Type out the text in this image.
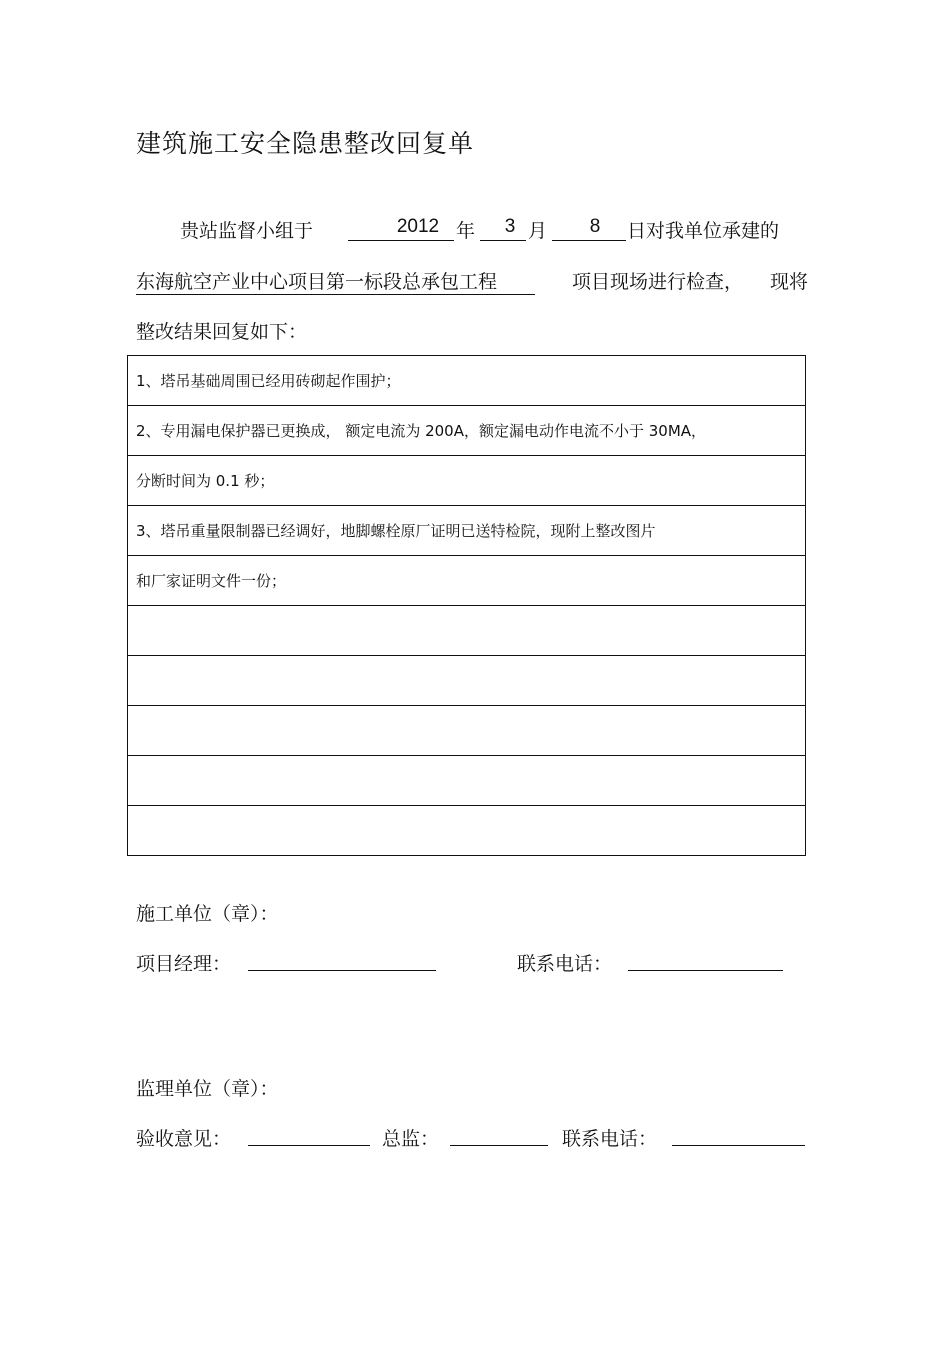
建筑施工安全隐患整改回复单
贵站监督小组于	2012 年	3 月	8	日对我单位承建的
东海航空产业中心项目第一标段总承包工程	项目现场进行检查， 现将
整改结果回复如下：
1、塔吊基础周围已经用砖砌起作围护；
2、专用漏电保护器已更换成， 额定电流为 200A，额定漏电动作电流不小于 30MA，
分断时间为 0.1 秒；
3、塔吊重量限制器已经调好，地脚螺栓原厂证明已送特检院，现附上整改图片
和厂家证明文件一份；

施工单位（章）：
项目经理：	联系电话：
监理单位（章）：
验收意见：	总监：	联系电话：
